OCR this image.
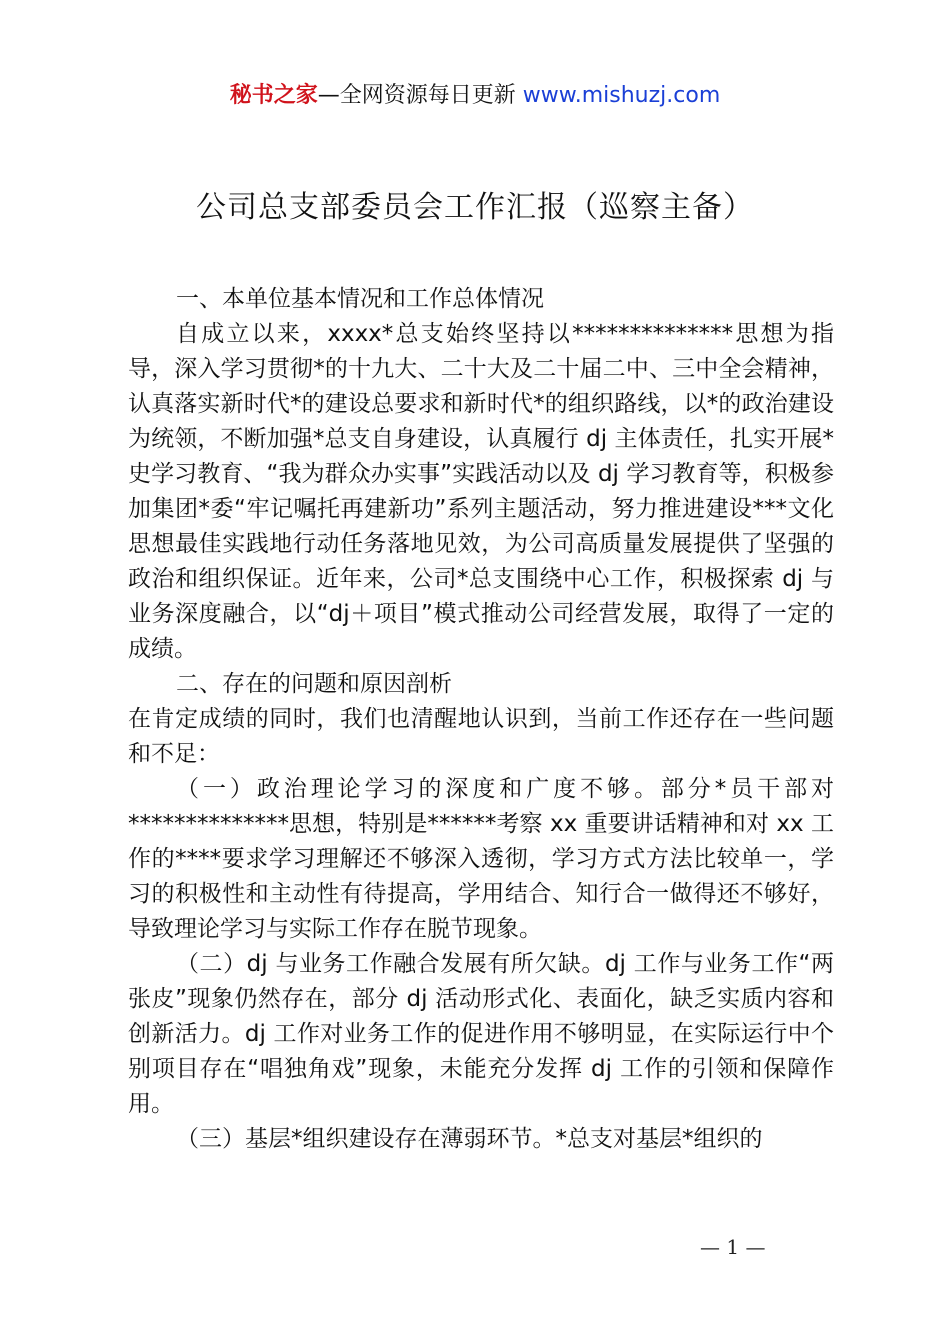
秘书之家—全网资源每日更新 www.mishuzj.com
公司总支部委员会工作汇报（巡察主备）

一、本单位基本情况和工作总体情况

自成立以来，xxxx*总支始终坚持以**************思想为指导，深入学习贯彻*的十九大、二十大及二十届二中、三中全会精神，认真落实新时代*的建设总要求和新时代*的组织路线，以*的政治建设为统领，不断加强*总支自身建设，认真履行 dj 主体责任，扎实开展*史学习教育、“我为群众办实事”实践活动以及 dj 学习教育等，积极参加集团*委“牢记嘱托再建新功”系列主题活动，努力推进建设***文化思想最佳实践地行动任务落地见效，为公司高质量发展提供了坚强的政治和组织保证。近年来，公司*总支围绕中心工作，积极探索 dj 与业务深度融合，以“dj＋项目”模式推动公司经营发展，取得了一定的成绩。

二、存在的问题和原因剖析

在肯定成绩的同时，我们也清醒地认识到，当前工作还存在一些问题和不足：

（一）政治理论学习的深度和广度不够。部分*员干部对**************思想，特别是******考察 xx 重要讲话精神和对 xx 工作的****要求学习理解还不够深入透彻，学习方式方法比较单一，学习的积极性和主动性有待提高，学用结合、知行合一做得还不够好，导致理论学习与实际工作存在脱节现象。

（二）dj 与业务工作融合发展有所欠缺。dj 工作与业务工作“两张皮”现象仍然存在，部分 dj 活动形式化、表面化，缺乏实质内容和创新活力。dj 工作对业务工作的促进作用不够明显，在实际运行中个别项目存在“唱独角戏”现象，未能充分发挥 dj 工作的引领和保障作用。

（三）基层*组织建设存在薄弱环节。*总支对基层*组织的

— 1 —
